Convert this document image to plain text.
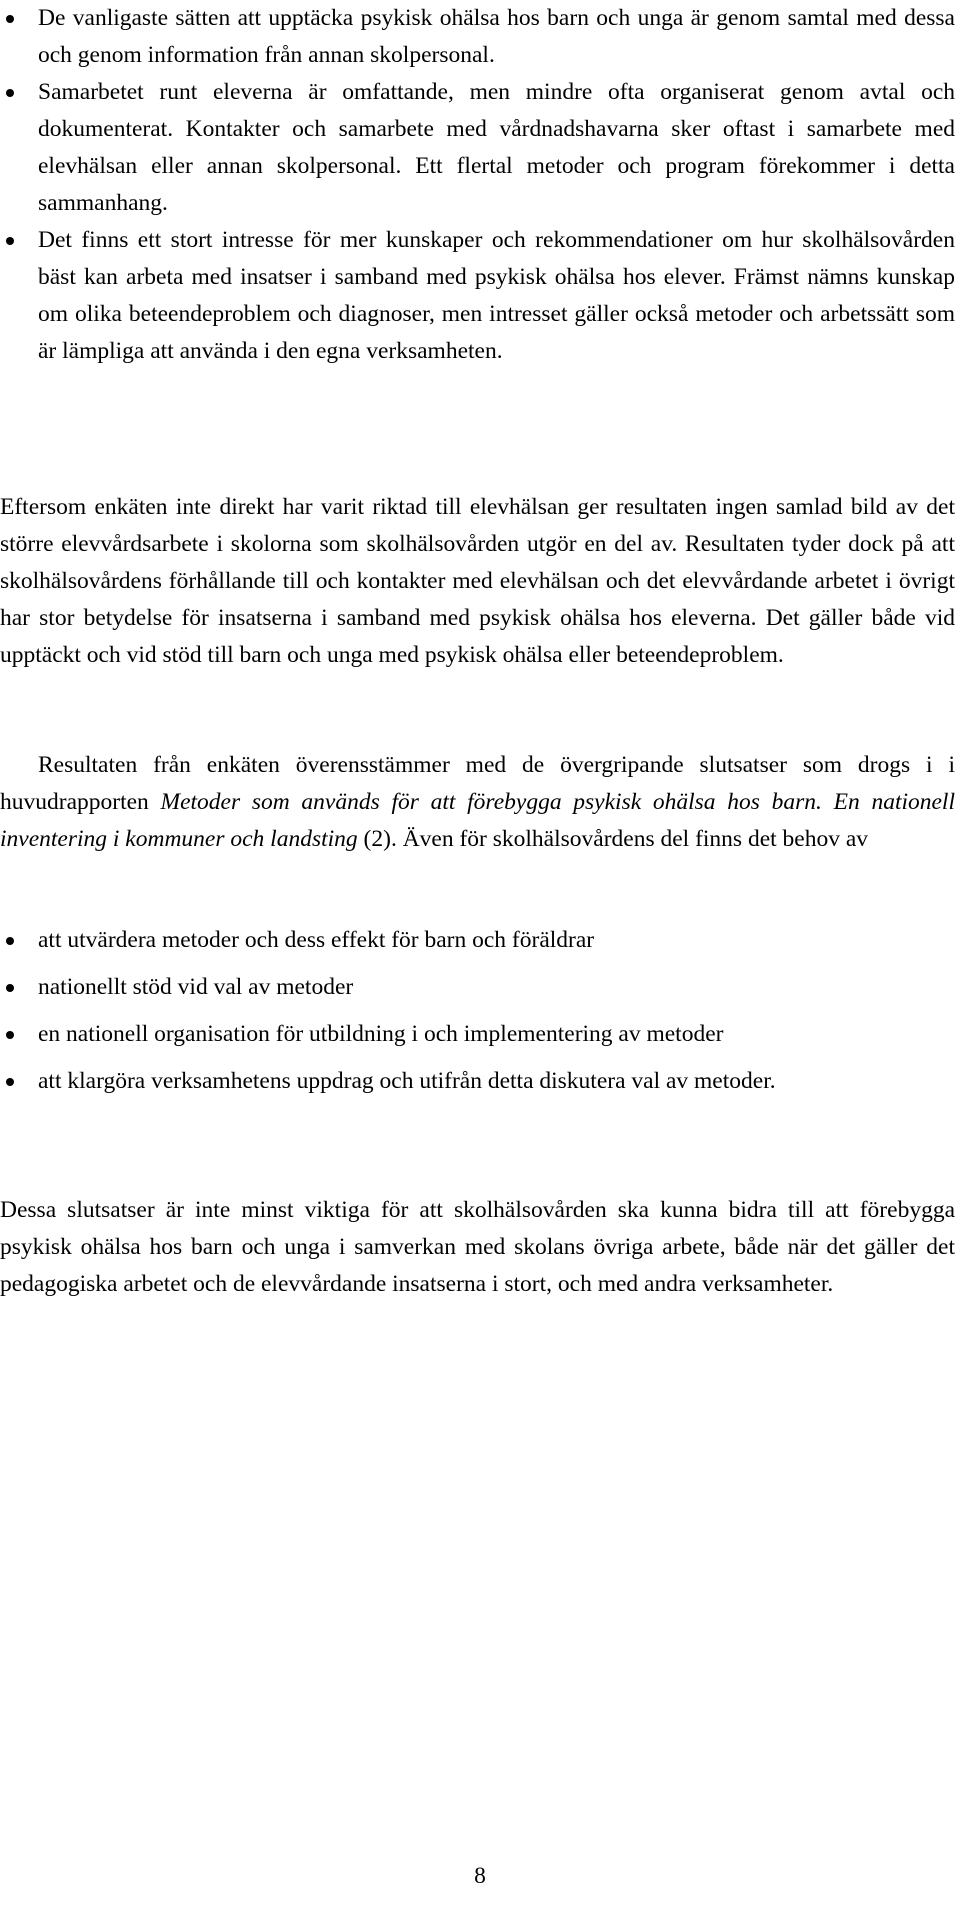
De vanligaste sätten att upptäcka psykisk ohälsa hos barn och unga är genom samtal med dessa och genom information från annan skolpersonal.
Samarbetet runt eleverna är omfattande, men mindre ofta organiserat genom avtal och dokumenterat. Kontakter och samarbete med vårdnadshavarna sker oftast i samarbete med elevhälsan eller annan skolpersonal. Ett flertal metoder och program förekommer i detta sammanhang.
Det finns ett stort intresse för mer kunskaper och rekommendationer om hur skolhälsovården bäst kan arbeta med insatser i samband med psykisk ohälsa hos elever. Främst nämns kunskap om olika beteendeproblem och diagnoser, men intresset gäller också metoder och arbetssätt som är lämpliga att använda i den egna verksamheten.

Eftersom enkäten inte direkt har varit riktad till elevhälsan ger resultaten ingen samlad bild av det större elevvårdsarbete i skolorna som skolhälsovården utgör en del av. Resultaten tyder dock på att skolhälsovårdens förhållande till och kontakter med elevhälsan och det elevvårdande arbetet i övrigt har stor betydelse för insatserna i samband med psykisk ohälsa hos eleverna. Det gäller både vid upptäckt och vid stöd till barn och unga med psykisk ohälsa eller beteendeproblem.

Resultaten från enkäten överensstämmer med de övergripande slutsatser som drogs i i huvudrapporten Metoder som används för att förebygga psykisk ohälsa hos barn. En nationell inventering i kommuner och landsting (2). Även för skolhälsovårdens del finns det behov av

att utvärdera metoder och dess effekt för barn och föräldrar
nationellt stöd vid val av metoder
en nationell organisation för utbildning i och implementering av metoder
att klargöra verksamhetens uppdrag och utifrån detta diskutera val av metoder.

Dessa slutsatser är inte minst viktiga för att skolhälsovården ska kunna bidra till att förebygga psykisk ohälsa hos barn och unga i samverkan med skolans övriga arbete, både när det gäller det pedagogiska arbetet och de elevvårdande insatserna i stort, och med andra verksamheter.

8
